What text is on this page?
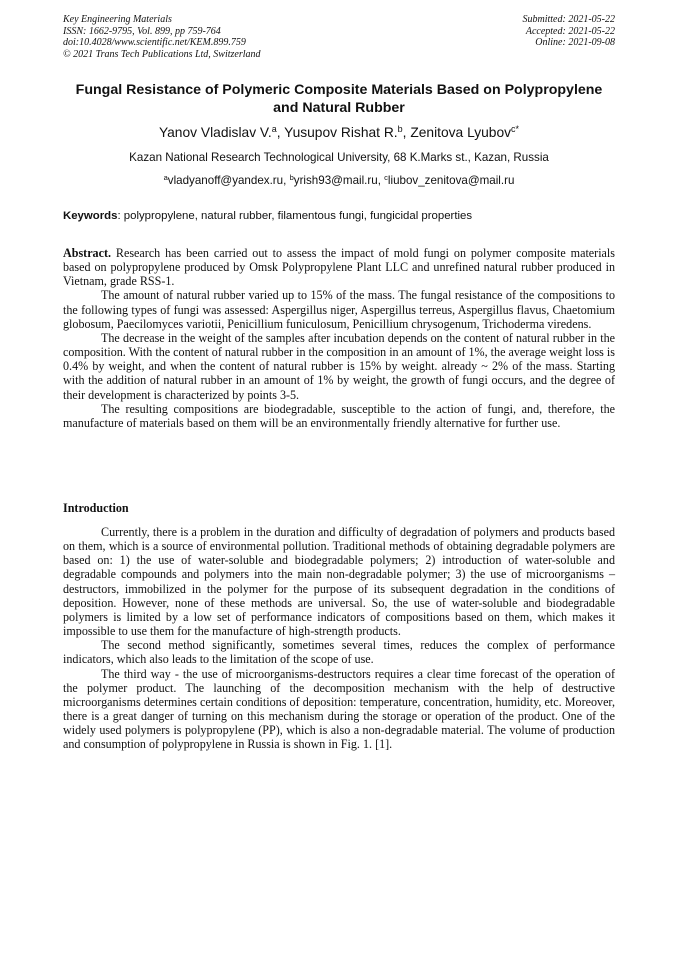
Key Engineering Materials
ISSN: 1662-9795, Vol. 899, pp 759-764
doi:10.4028/www.scientific.net/KEM.899.759
© 2021 Trans Tech Publications Ltd, Switzerland
Submitted: 2021-05-22
Accepted: 2021-05-22
Online: 2021-09-08
Fungal Resistance of Polymeric Composite Materials Based on Polypropylene and Natural Rubber
Yanov Vladislav V.$^a$, Yusupov Rishat R.$^b$, Zenitova Lyubov$^{c*}$
Kazan National Research Technological University, 68 K.Marks st., Kazan, Russia
$^a$vladyanoff@yandex.ru, $^b$yrish93@mail.ru, $^c$liubov_zenitova@mail.ru
Keywords: polypropylene, natural rubber, filamentous fungi, fungicidal properties

Abstract. Research has been carried out to assess the impact of mold fungi on polymer composite materials based on polypropylene produced by Omsk Polypropylene Plant LLC and unrefined natural rubber produced in Vietnam, grade RSS-1.

The amount of natural rubber varied up to 15% of the mass. The fungal resistance of the compositions to the following types of fungi was assessed: Aspergillus niger, Aspergillus terreus, Aspergillus flavus, Chaetomium globosum, Paecilomyces variotii, Penicillium funiculosum, Penicillium chrysogenum, Trichoderma viredens.

The decrease in the weight of the samples after incubation depends on the content of natural rubber in the composition. With the content of natural rubber in the composition in an amount of 1%, the average weight loss is 0.4% by weight, and when the content of natural rubber is 15% by weight. already ~ 2% of the mass. Starting with the addition of natural rubber in an amount of 1% by weight, the growth of fungi occurs, and the degree of their development is characterized by points 3-5.

The resulting compositions are biodegradable, susceptible to the action of fungi, and, therefore, the manufacture of materials based on them will be an environmentally friendly alternative for further use.

Introduction

Currently, there is a problem in the duration and difficulty of degradation of polymers and products based on them, which is a source of environmental pollution. Traditional methods of obtaining degradable polymers are based on: 1) the use of water-soluble and biodegradable polymers; 2) introduction of water-soluble and degradable compounds and polymers into the main non-degradable polymer; 3) the use of microorganisms – destructors, immobilized in the polymer for the purpose of its subsequent degradation in the conditions of deposition. However, none of these methods are universal. So, the use of water-soluble and biodegradable polymers is limited by a low set of performance indicators of compositions based on them, which makes it impossible to use them for the manufacture of high-strength products.

The second method significantly, sometimes several times, reduces the complex of performance indicators, which also leads to the limitation of the scope of use.

The third way - the use of microorganisms-destructors requires a clear time forecast of the operation of the polymer product. The launching of the decomposition mechanism with the help of destructive microorganisms determines certain conditions of deposition: temperature, concentration, humidity, etc. Moreover, there is a great danger of turning on this mechanism during the storage or operation of the product. One of the widely used polymers is polypropylene (PP), which is also a non-degradable material. The volume of production and consumption of polypropylene in Russia is shown in Fig. 1. [1].
